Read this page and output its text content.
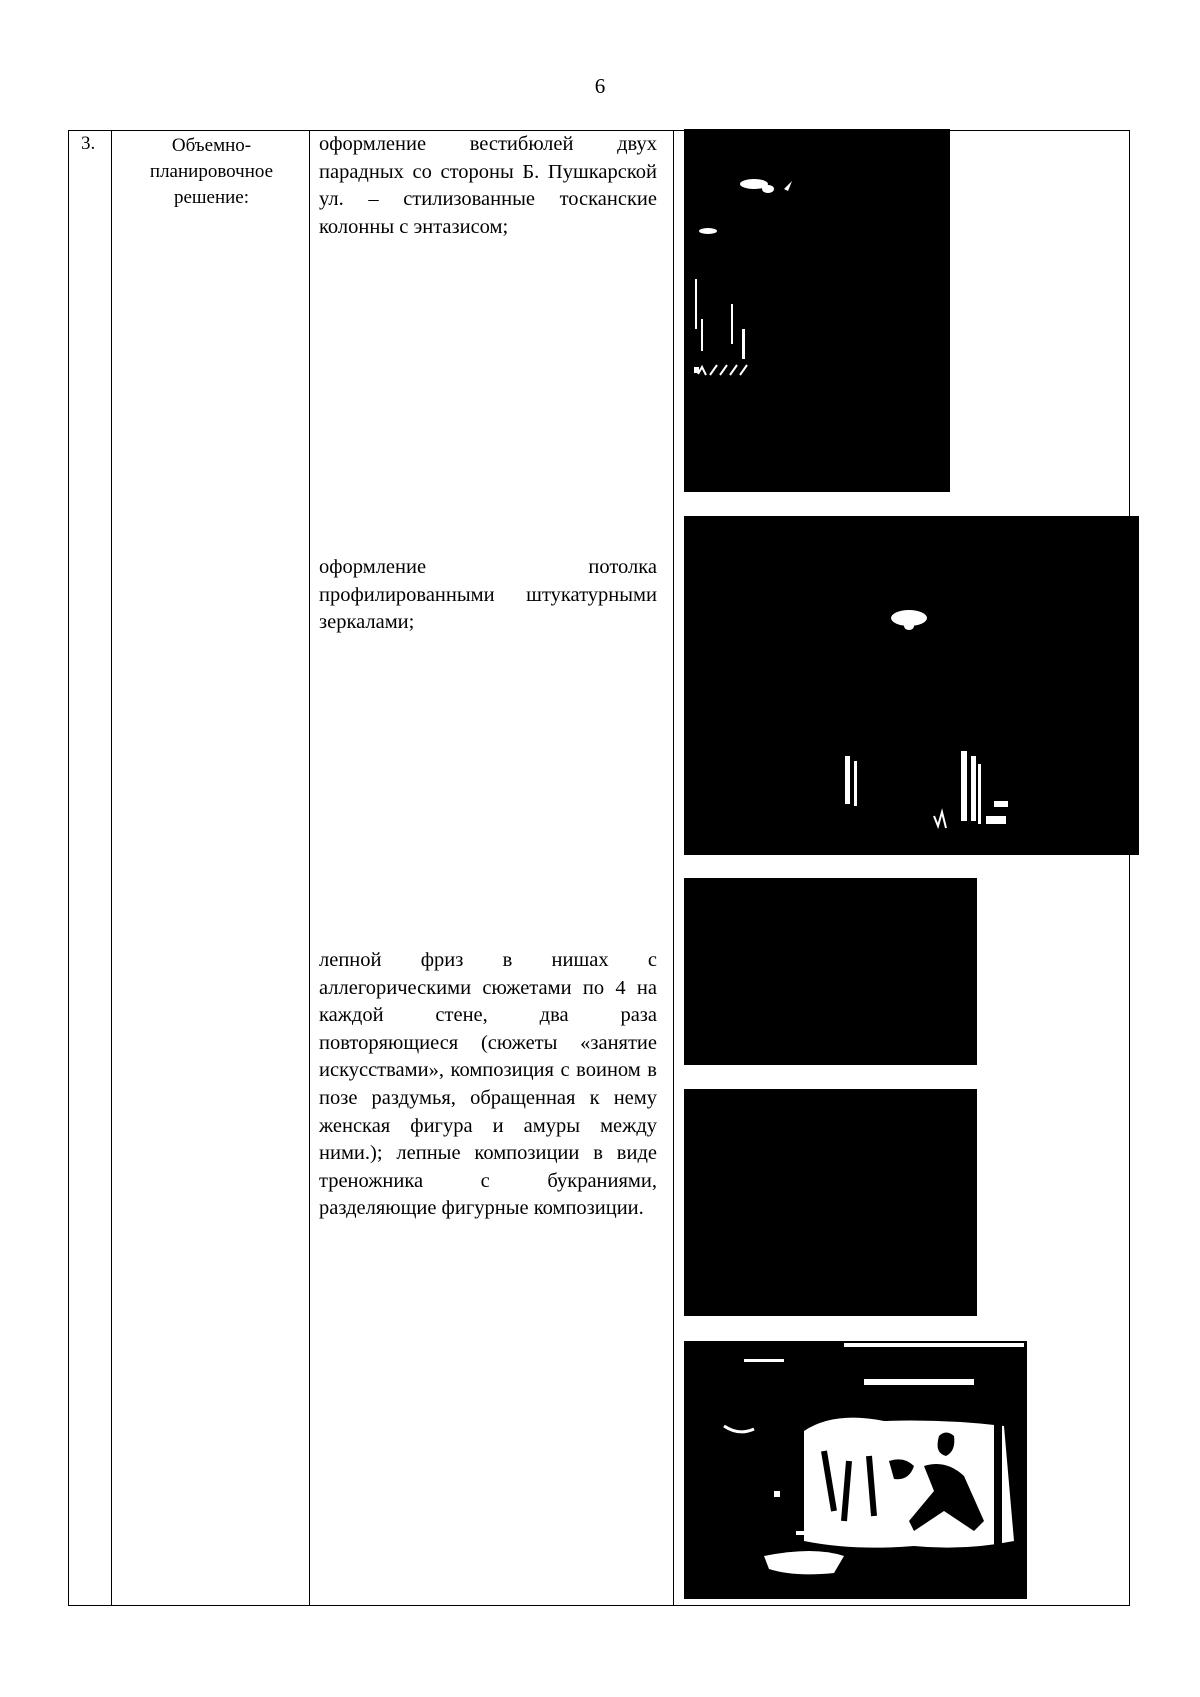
6
3.	Объемно-
планировочное
решение:
оформление вестибюлей двух парадных со стороны Б. Пушкарской ул. – стилизованные тосканские колонны с энтазисом;
оформление потолка профилированными штукатурными зеркалами;
лепной фриз в нишах с аллегорическими сюжетами по 4 на каждой стене, два раза повторяющиеся (сюжеты «занятие искусствами», композиция с воином в позе раздумья, обращенная к нему женская фигура и амуры между ними.); лепные композиции в виде треножника с букраниями, разделяющие фигурные композиции.
